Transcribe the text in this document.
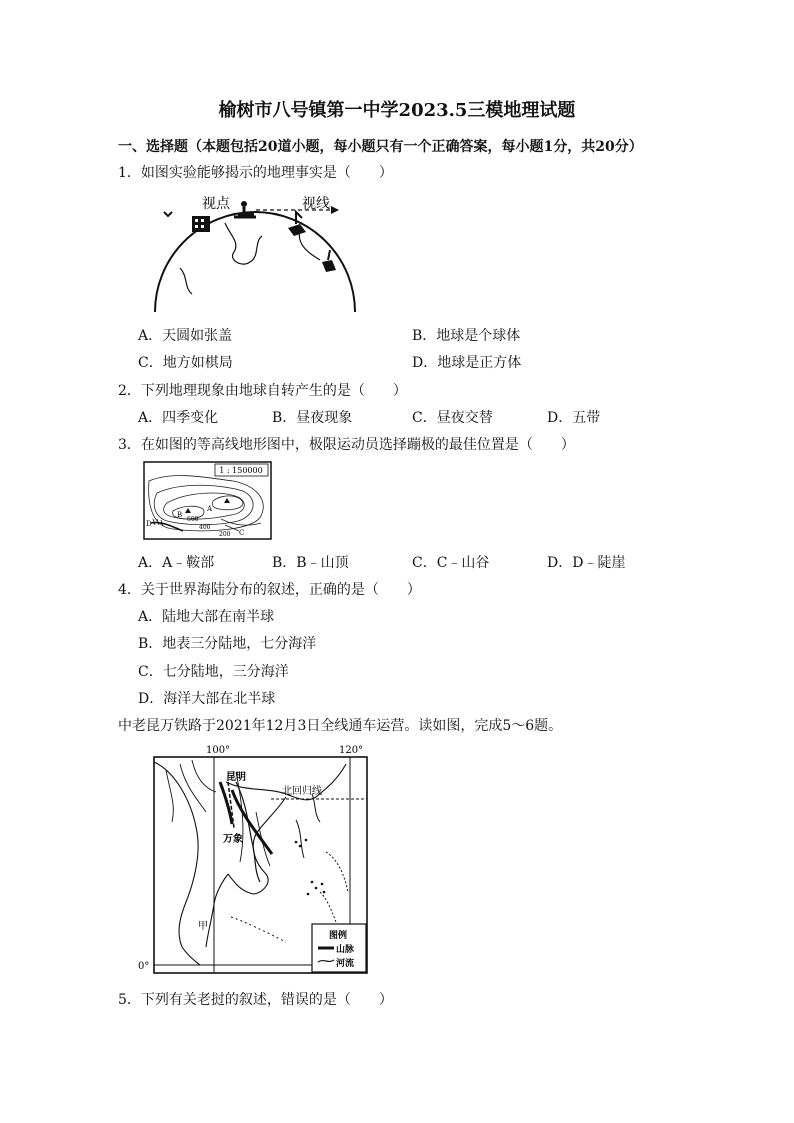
榆树市八号镇第一中学2023.5三模地理试题
一、选择题（本题包括20道小题，每小题只有一个正确答案，每小题1分，共20分）
1．如图实验能够揭示的地理事实是（　　）
视点	视线
A．天圆如张盖	B．地球是个球体
C．地方如棋局	D．地球是正方体
2．下列地理现象由地球自转产生的是（　　）
A．四季变化	B．昼夜现象	C．昼夜交替	D．五带
3．在如图的等高线地形图中，极限运动员选择蹦极的最佳位置是（　　）
1 : 150000
A
B
C
D
600
400
200
A．A﹣鞍部	B．B﹣山顶	C．C﹣山谷	D．D﹣陡崖
4．关于世界海陆分布的叙述，正确的是（　　）
A．陆地大部在南半球
B．地表三分陆地，七分海洋
C．七分陆地，三分海洋
D．海洋大部在北半球
中老昆万铁路于2021年12月3日全线通车运营。读如图，完成5～6题。
100°	120°
0°
北回归线
昆明
万象
甲
图例
山脉
河流
5．下列有关老挝的叙述，错误的是（　　）
